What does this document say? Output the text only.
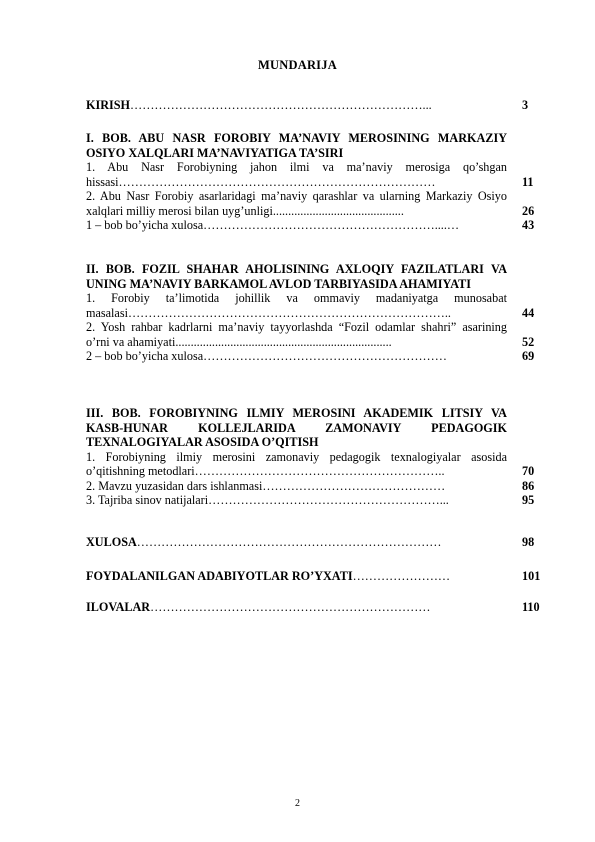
MUNDARIJA
KIRISH………………………………………………………………...	3
I. BOB. ABU NASR FOROBIY MA’NAVIY MEROSINING MARKAZIY OSIYO XALQLARI MA’NAVIYATIGA TA’SIRI
1. Abu Nasr Forobiyning jahon ilmi va ma’naviy merosiga qo’shgan hissasi……………………………………………………………………	11
2. Abu Nasr Forobiy asarlaridagi ma’naviy qarashlar va ularning Markaziy Osiyo xalqlari milliy merosi bilan uyg’unligi...........................................	26
1 – bob bo’yicha xulosa…………………………………………………....…	43
II. BOB. FOZIL SHAHAR AHOLISINING AXLOQIY FAZILATLARI VA UNING MA’NAVIY BARKAMOL AVLOD TARBIYASIDA AHAMIYATI
1. Forobiy ta’limotida johillik va ommaviy madaniyatga munosabat masalasi……………………………………………………………………..	44
2. Yosh rahbar kadrlarni ma’naviy tayyorlashda “Fozil odamlar shahri” asarining o’rni va ahamiyati.......................................................................	52
2 – bob bo’yicha xulosa……………………………………………………	69
III. BOB. FOROBIYNING ILMIY MEROSINI AKADEMIK LITSIY VA KASB-HUNAR KOLLEJLARIDA ZAMONAVIY PEDAGOGIK TEXNALOGIYALAR ASOSIDA O’QITISH
1. Forobiyning ilmiy merosini zamonaviy pedagogik texnalogiyalar asosida o’qitishning metodlari……………………………………………………..	70
2. Mavzu yuzasidan dars ishlanmasi………………………………………	86
3. Tajriba sinov natijalari…………………………………………………...	95
XULOSA…………………………………………………………………	98
FOYDALANILGAN ADABIYOTLAR RO’YXATI……………………	101
ILOVALAR……………………………………………………………	110
2
